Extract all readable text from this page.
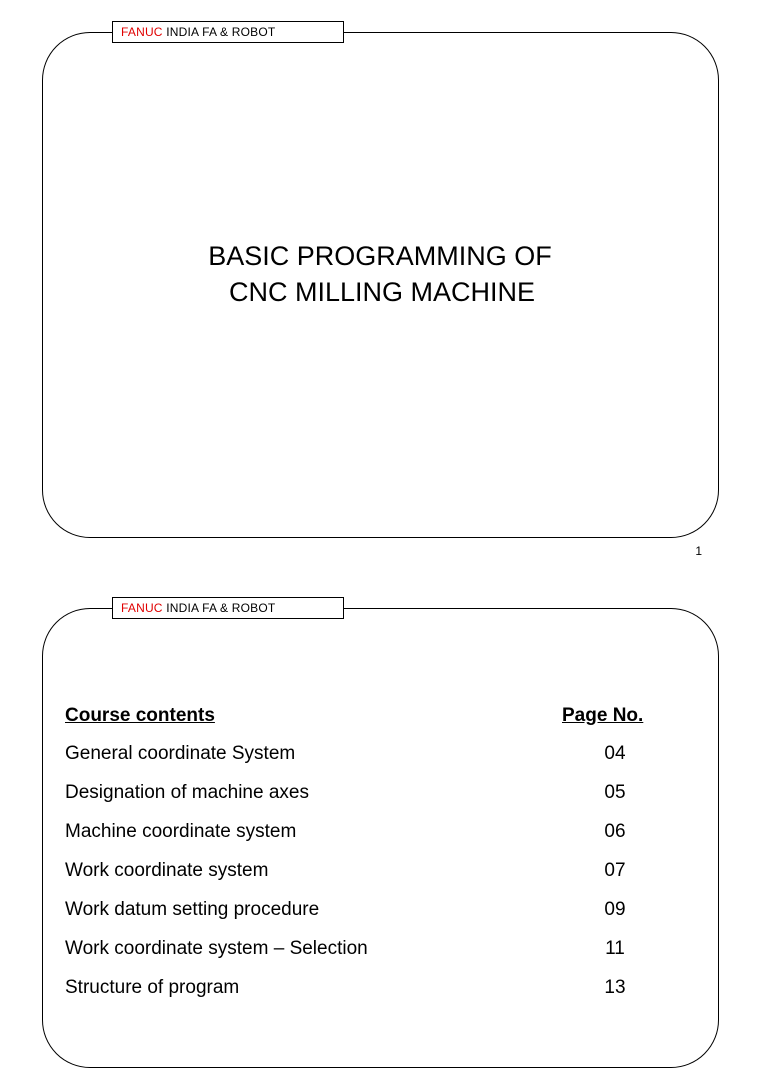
FANUC INDIA FA & ROBOT
BASIC PROGRAMMING OF
CNC MILLING MACHINE
1
FANUC INDIA FA & ROBOT
Course contents	Page No.
General coordinate System	04
Designation of machine axes	05
Machine coordinate system	06
Work coordinate system	07
Work datum setting procedure	09
Work coordinate system – Selection	11
Structure of program	13
